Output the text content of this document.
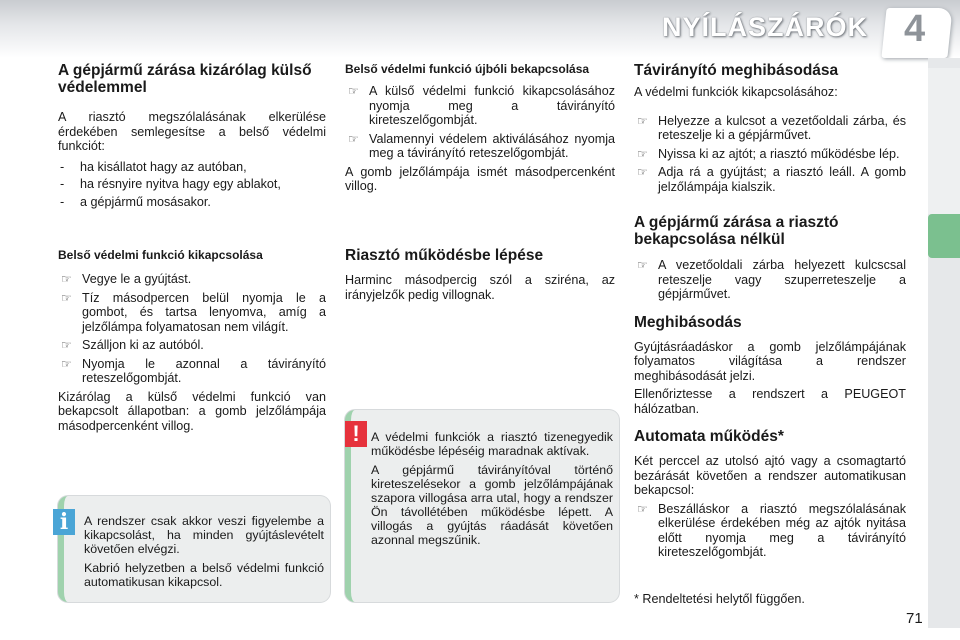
NYÍLÁSZÁRÓK 4
A gépjármű zárása kizárólag külső védelemmel

A riasztó megszólalásának elkerülése érdekében semlegesítse a belső védelmi funkciót:

- ha kisállatot hagy az autóban,
- ha résnyire nyitva hagy egy ablakot,
- a gépjármű mosásakor.
Belső védelmi funkció kikapcsolása
☞ Vegye le a gyújtást.
☞ Tíz másodpercen belül nyomja le a gombot, és tartsa lenyomva, amíg a jelzőlámpa folyamatosan nem világít.
☞ Szálljon ki az autóból.
☞ Nyomja le azonnal a távirányító reteszelőgombját.

Kizárólag a külső védelmi funkció van bekapcsolt állapotban: a gomb jelzőlámpája másodpercenként villog.

A rendszer csak akkor veszi figyelembe a kikapcsolást, ha minden gyújtáslevételt követően elvégzi.

Kabrió helyzetben a belső védelmi funkció automatikusan kikapcsol.

i
Belső védelmi funkció újbóli bekapcsolása
☞ A külső védelmi funkció kikapcsolásához nyomja meg a távirányító kireteszelőgombját.
☞ Valamennyi védelem aktiválásához nyomja meg a távirányító reteszelőgombját.

A gomb jelzőlámpája ismét másodpercenként villog.

Riasztó működésbe lépése

Harminc másodpercig szól a sziréna, az irányjelzők pedig villognak.

A védelmi funkciók a riasztó tizenegyedik működésbe lépéséig maradnak aktívak.

A gépjármű távirányítóval történő kireteszelésekor a gomb jelzőlámpájának szapora villogása arra utal, hogy a rendszer Ön távollétében működésbe lépett. A villogás a gyújtás ráadását követően azonnal megszűnik.

!
Távirányító meghibásodása

A védelmi funkciók kikapcsolásához:

☞ Helyezze a kulcsot a vezetőoldali zárba, és reteszelje ki a gépjárművet.
☞ Nyissa ki az ajtót; a riasztó működésbe lép.
☞ Adja rá a gyújtást; a riasztó leáll. A gomb jelzőlámpája kialszik.
A gépjármű zárása a riasztó bekapcsolása nélkül
☞ A vezetőoldali zárba helyezett kulcscsal reteszelje vagy szuperreteszelje a gépjárművet.
Meghibásodás

Gyújtásráadáskor a gomb jelzőlámpájának folyamatos világítása a rendszer meghibásodását jelzi.

Ellenőriztesse a rendszert a PEUGEOT hálózatban.

Automata működés*

Két perccel az utolsó ajtó vagy a csomagtartó bezárását követően a rendszer automatikusan bekapcsol:

☞ Beszálláskor a riasztó megszólalásának elkerülése érdekében még az ajtók nyitása előtt nyomja meg a távirányító kireteszelőgombját.

* Rendeltetési helytől függően.

71
